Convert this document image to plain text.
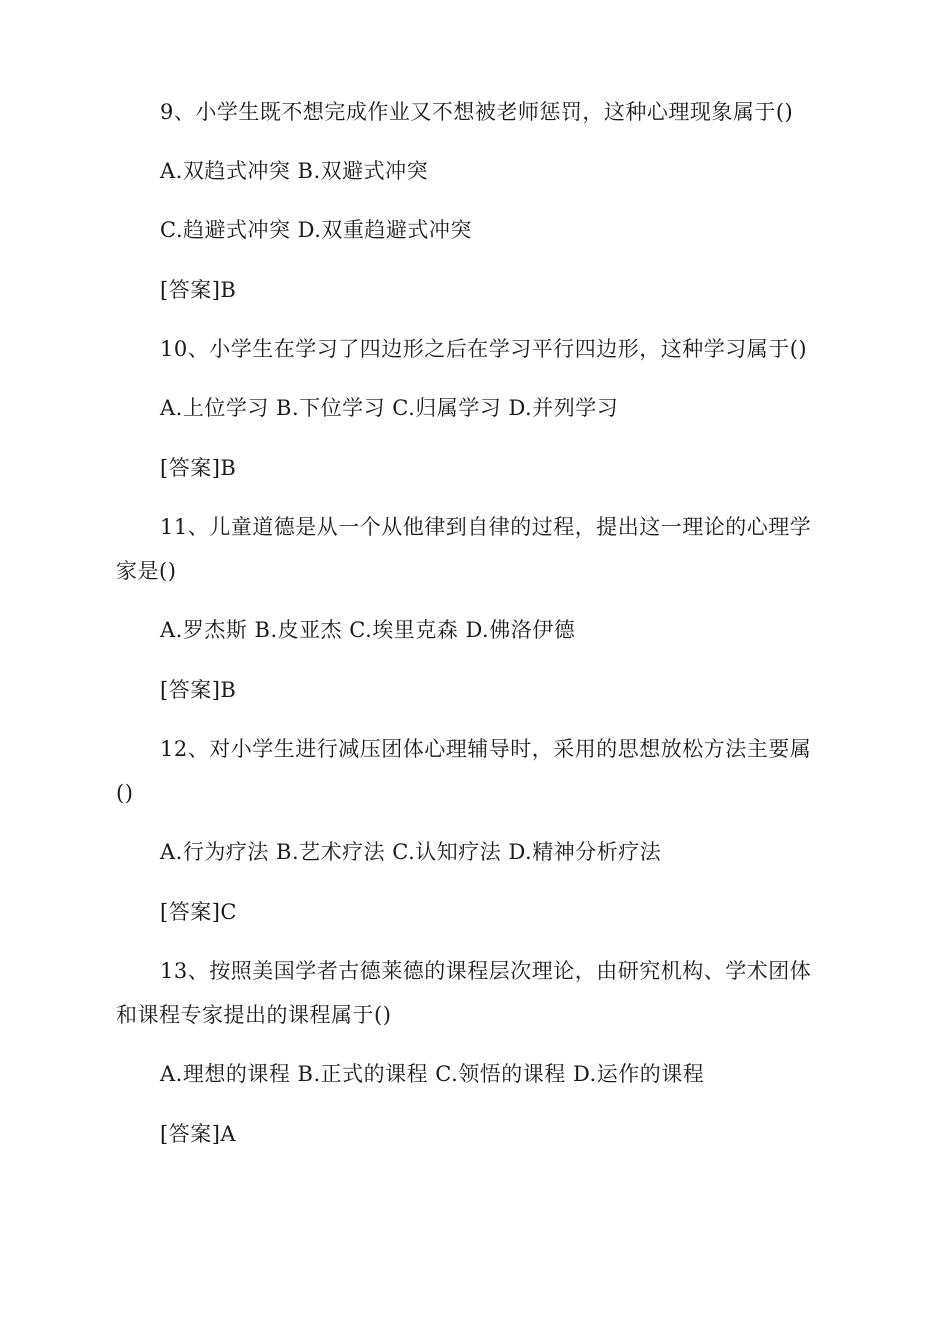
9、小学生既不想完成作业又不想被老师惩罚，这种心理现象属于()
A.双趋式冲突 B.双避式冲突
C.趋避式冲突 D.双重趋避式冲突
[答案]B
10、小学生在学习了四边形之后在学习平行四边形，这种学习属于()
A.上位学习 B.下位学习 C.归属学习 D.并列学习
[答案]B
11、儿童道德是从一个从他律到自律的过程，提出这一理论的心理学
家是()
A.罗杰斯 B.皮亚杰 C.埃里克森 D.佛洛伊德
[答案]B
12、对小学生进行减压团体心理辅导时，采用的思想放松方法主要属
()
A.行为疗法 B.艺术疗法 C.认知疗法 D.精神分析疗法
[答案]C
13、按照美国学者古德莱德的课程层次理论，由研究机构、学术团体
和课程专家提出的课程属于()
A.理想的课程 B.正式的课程 C.领悟的课程 D.运作的课程
[答案]A
